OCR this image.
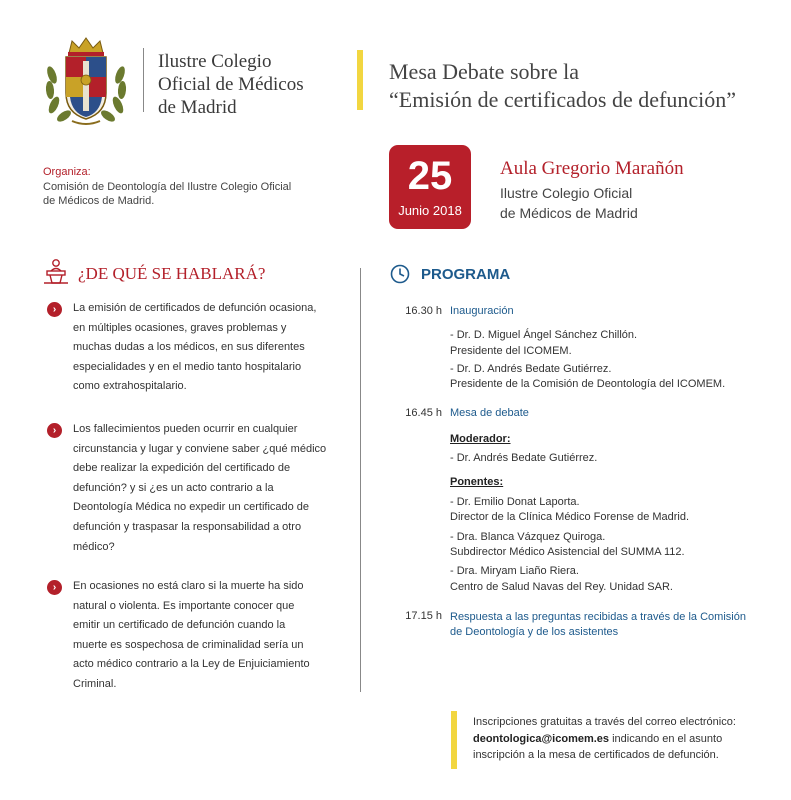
Ilustre Colegio
Oficial de Médicos
de Madrid
Mesa Debate sobre la
“Emisión de certificados de defunción”
Organiza:
Comisión de Deontología del Ilustre Colegio Oficial
de Médicos de Madrid.
25
Junio 2018
Aula Gregorio Marañón
Ilustre Colegio Oficial
de Médicos de Madrid
¿DE QUÉ SE HABLARÁ?
›	La emisión de certificados de defunción ocasiona,
en múltiples ocasiones, graves problemas y
muchas dudas a los médicos, en sus diferentes
especialidades y en el medio tanto hospitalario
como extrahospitalario.
›	Los fallecimientos pueden ocurrir en cualquier
circunstancia y lugar y conviene saber ¿qué médico
debe realizar la expedición del certificado de
defunción? y si ¿es un acto contrario a la
Deontología Médica no expedir un certificado de
defunción y traspasar la responsabilidad a otro
médico?
›	En ocasiones no está claro si la muerte ha sido
natural o violenta. Es importante conocer que
emitir un certificado de defunción cuando la
muerte es sospechosa de criminalidad sería un
acto médico contrario a la Ley de Enjuiciamiento
Criminal.
PROGRAMA
16.30 h Inauguración
- Dr. D. Miguel Ángel Sánchez Chillón.
Presidente del ICOMEM.
- Dr. D. Andrés Bedate Gutiérrez.
Presidente de la Comisión de Deontología del ICOMEM.
16.45 h Mesa de debate
Moderador:
- Dr. Andrés Bedate Gutiérrez.
Ponentes:
- Dr. Emilio Donat Laporta.
Director de la Clínica Médico Forense de Madrid.
- Dra. Blanca Vázquez Quiroga.
Subdirector Médico Asistencial del SUMMA 112.
- Dra. Miryam Liaño Riera.
Centro de Salud Navas del Rey. Unidad SAR.
17.15 h Respuesta a las preguntas recibidas a través de la Comisión
de Deontología y de los asistentes
Inscripciones gratuitas a través del correo electrónico:
deontologica@icomem.es indicando en el asunto
inscripción a la mesa de certificados de defunción.
